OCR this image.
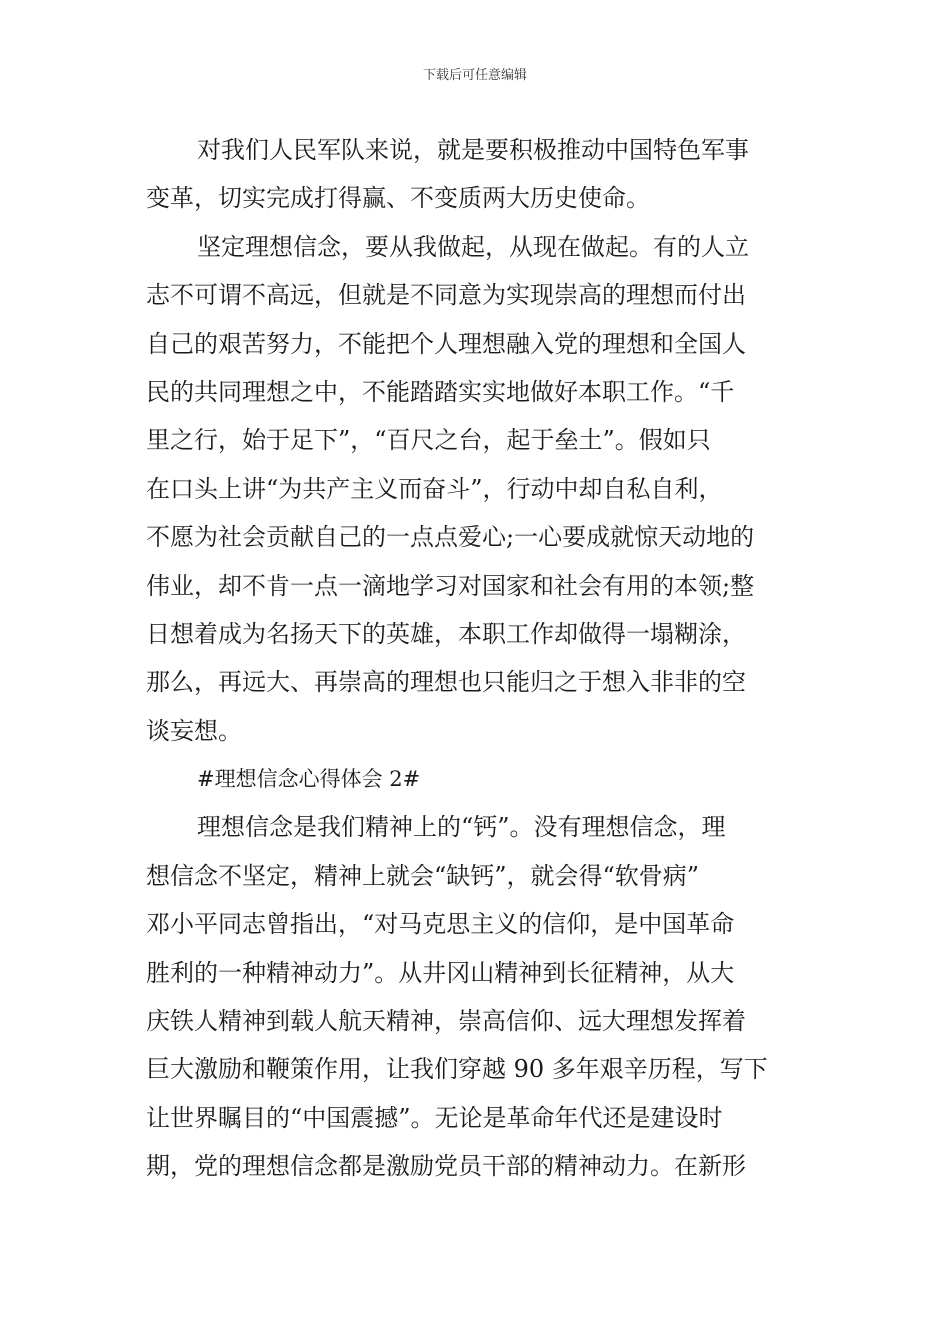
下载后可任意编辑
对我们人民军队来说，就是要积极推动中国特色军事
变革，切实完成打得赢、不变质两大历史使命。
坚定理想信念，要从我做起，从现在做起。有的人立
志不可谓不高远，但就是不同意为实现崇高的理想而付出
自己的艰苦努力，不能把个人理想融入党的理想和全国人
民的共同理想之中，不能踏踏实实地做好本职工作。“千
里之行，始于足下”，“百尺之台，起于垒土”。假如只
在口头上讲“为共产主义而奋斗”，行动中却自私自利，
不愿为社会贡献自己的一点点爱心;一心要成就惊天动地的
伟业，却不肯一点一滴地学习对国家和社会有用的本领;整
日想着成为名扬天下的英雄，本职工作却做得一塌糊涂，
那么，再远大、再崇高的理想也只能归之于想入非非的空
谈妄想。
#理想信念心得体会 2#
理想信念是我们精神上的“钙”。没有理想信念，理
想信念不坚定，精神上就会“缺钙”，就会得“软骨病”
邓小平同志曾指出，“对马克思主义的信仰，是中国革命
胜利的一种精神动力”。从井冈山精神到长征精神，从大
庆铁人精神到载人航天精神，崇高信仰、远大理想发挥着
巨大激励和鞭策作用，让我们穿越 90 多年艰辛历程，写下
让世界瞩目的“中国震撼”。无论是革命年代还是建设时
期，党的理想信念都是激励党员干部的精神动力。在新形
